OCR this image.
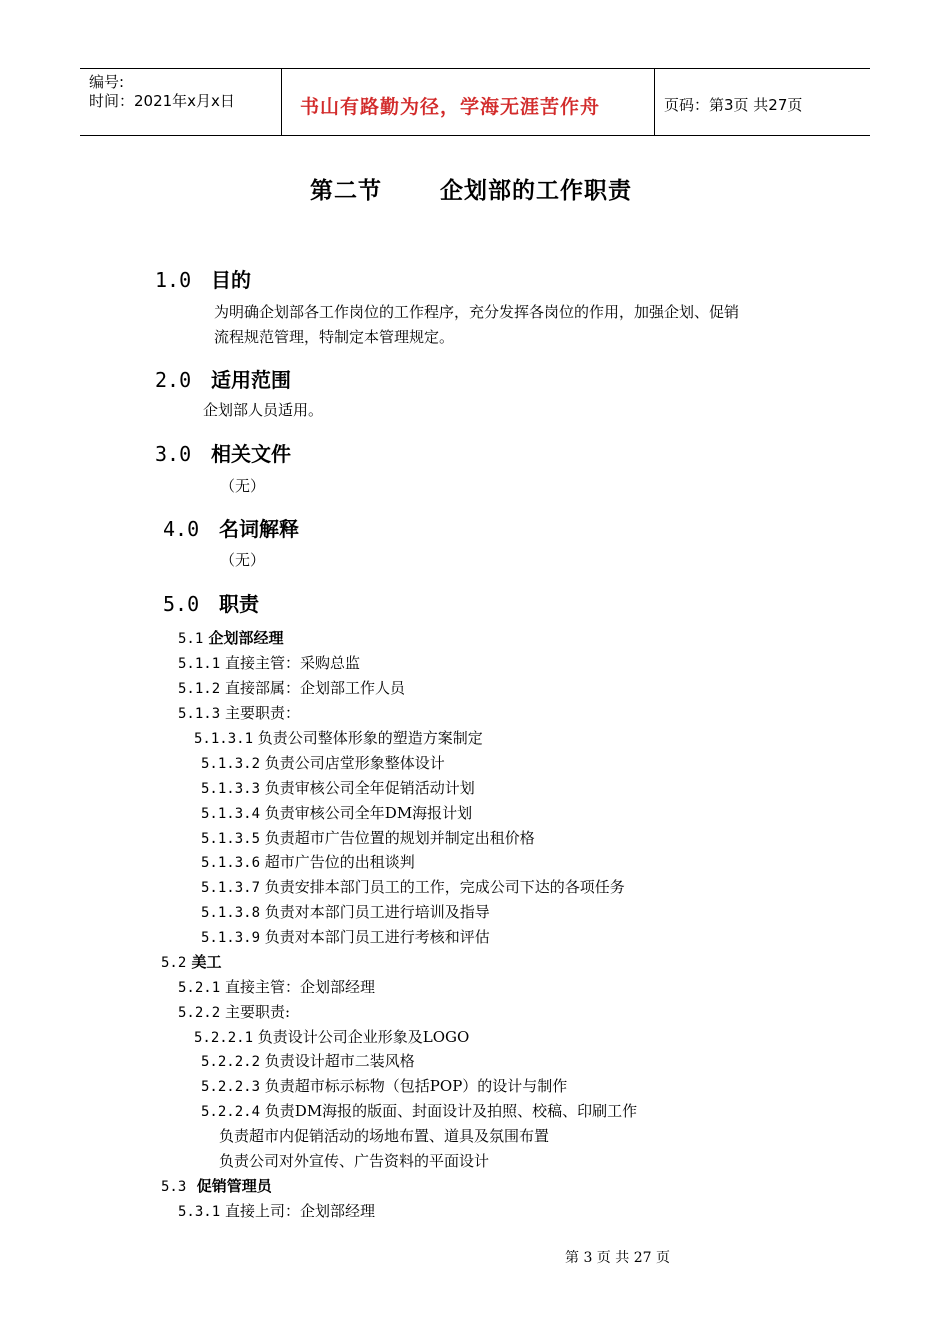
编号:
时间：2021年x月x日	书山有路勤为径，学海无涯苦作舟	页码：第3页 共27页
第二节	企划部的工作职责
1.0 目的
为明确企划部各工作岗位的工作程序，充分发挥各岗位的作用，加强企划、促销
流程规范管理，特制定本管理规定。
2.0 适用范围
企划部人员适用。
3.0 相关文件
（无）
4.0 名词解释
（无）
5.0 职责
5.1 企划部经理
5.1.1 直接主管：采购总监
5.1.2 直接部属：企划部工作人员
5.1.3 主要职责：
5.1.3.1 负责公司整体形象的塑造方案制定
5.1.3.2 负责公司店堂形象整体设计
5.1.3.3 负责审核公司全年促销活动计划
5.1.3.4 负责审核公司全年DM海报计划
5.1.3.5 负责超市广告位置的规划并制定出租价格
5.1.3.6 超市广告位的出租谈判
5.1.3.7 负责安排本部门员工的工作，完成公司下达的各项任务
5.1.3.8 负责对本部门员工进行培训及指导
5.1.3.9 负责对本部门员工进行考核和评估
5.2 美工
5.2.1 直接主管：企划部经理
5.2.2 主要职责:
5.2.2.1 负责设计公司企业形象及LOGO
5.2.2.2 负责设计超市二装风格
5.2.2.3 负责超市标示标物（包括POP）的设计与制作
5.2.2.4 负责DM海报的版面、封面设计及拍照、校稿、印刷工作
负责超市内促销活动的场地布置、道具及氛围布置
负责公司对外宣传、广告资料的平面设计
5.3 促销管理员
5.3.1 直接上司：企划部经理
第 3 页 共 27 页
